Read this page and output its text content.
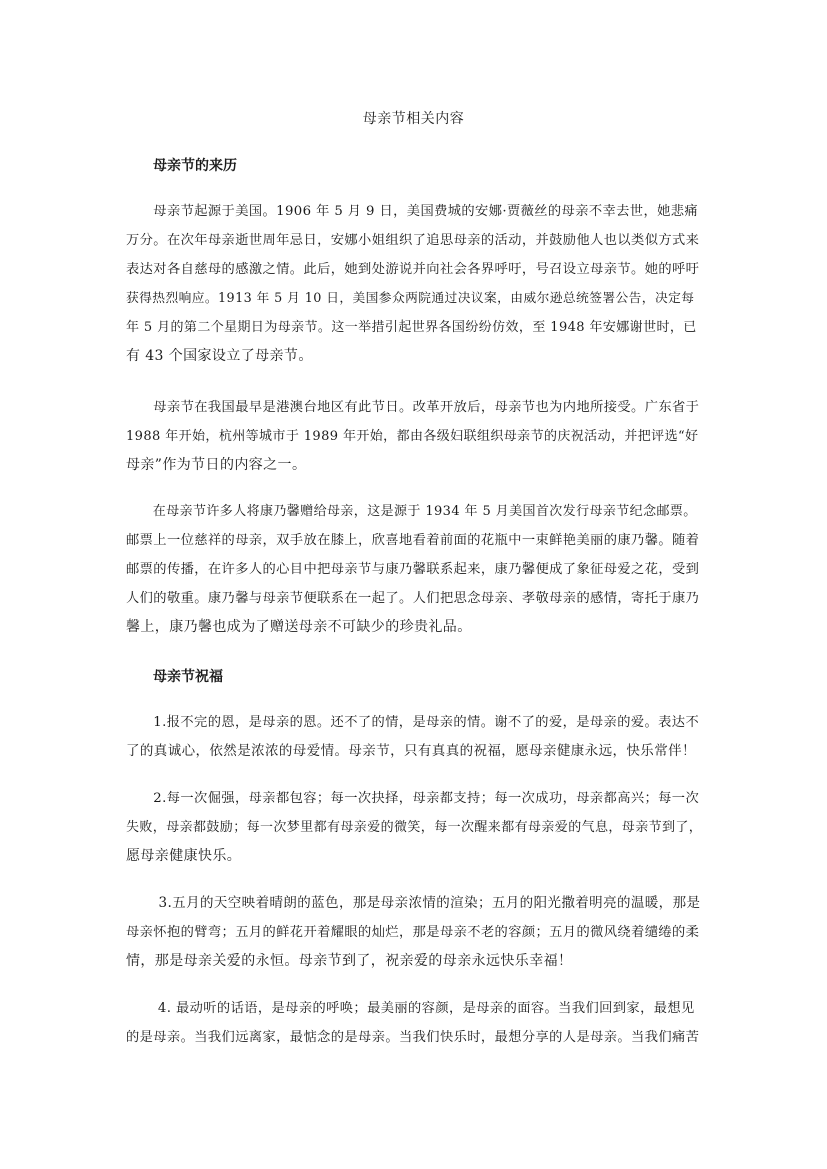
母亲节相关内容
母亲节的来历
　　母亲节起源于美国。1906 年 5 月 9 日，美国费城的安娜·贾薇丝的母亲不幸去世，她悲痛
万分。在次年母亲逝世周年忌日，安娜小姐组织了追思母亲的活动，并鼓励他人也以类似方式来
表达对各自慈母的感激之情。此后，她到处游说并向社会各界呼吁，号召设立母亲节。她的呼吁
获得热烈响应。1913 年 5 月 10 日，美国参众两院通过决议案，由威尔逊总统签署公告，决定每
年 5 月的第二个星期日为母亲节。这一举措引起世界各国纷纷仿效，至 1948 年安娜谢世时，已
有 43 个国家设立了母亲节。
　　母亲节在我国最早是港澳台地区有此节日。改革开放后，母亲节也为内地所接受。广东省于
1988 年开始，杭州等城市于 1989 年开始，都由各级妇联组织母亲节的庆祝活动，并把评选“好
母亲”作为节日的内容之一。
　　在母亲节许多人将康乃馨赠给母亲，这是源于 1934 年 5 月美国首次发行母亲节纪念邮票。
邮票上一位慈祥的母亲，双手放在膝上，欣喜地看着前面的花瓶中一束鲜艳美丽的康乃馨。随着
邮票的传播，在许多人的心目中把母亲节与康乃馨联系起来，康乃馨便成了象征母爱之花，受到
人们的敬重。康乃馨与母亲节便联系在一起了。人们把思念母亲、孝敬母亲的感情，寄托于康乃
馨上，康乃馨也成为了赠送母亲不可缺少的珍贵礼品。
母亲节祝福
　　1.报不完的恩，是母亲的恩。还不了的情，是母亲的情。谢不了的爱，是母亲的爱。表达不
了的真诚心，依然是浓浓的母爱情。母亲节，只有真真的祝福，愿母亲健康永远，快乐常伴！
　　2.每一次倔强，母亲都包容；每一次抉择，母亲都支持；每一次成功，母亲都高兴；每一次
失败，母亲都鼓励；每一次梦里都有母亲爱的微笑，每一次醒来都有母亲爱的气息，母亲节到了，
愿母亲健康快乐。
　　 3.五月的天空映着晴朗的蓝色，那是母亲浓情的渲染；五月的阳光撒着明亮的温暖，那是
母亲怀抱的臂弯；五月的鲜花开着耀眼的灿烂，那是母亲不老的容颜；五月的微风绕着缱绻的柔
情，那是母亲关爱的永恒。母亲节到了，祝亲爱的母亲永远快乐幸福！
　　 4. 最动听的话语，是母亲的呼唤；最美丽的容颜，是母亲的面容。当我们回到家，最想见
的是母亲。当我们远离家，最惦念的是母亲。当我们快乐时，最想分享的人是母亲。当我们痛苦
